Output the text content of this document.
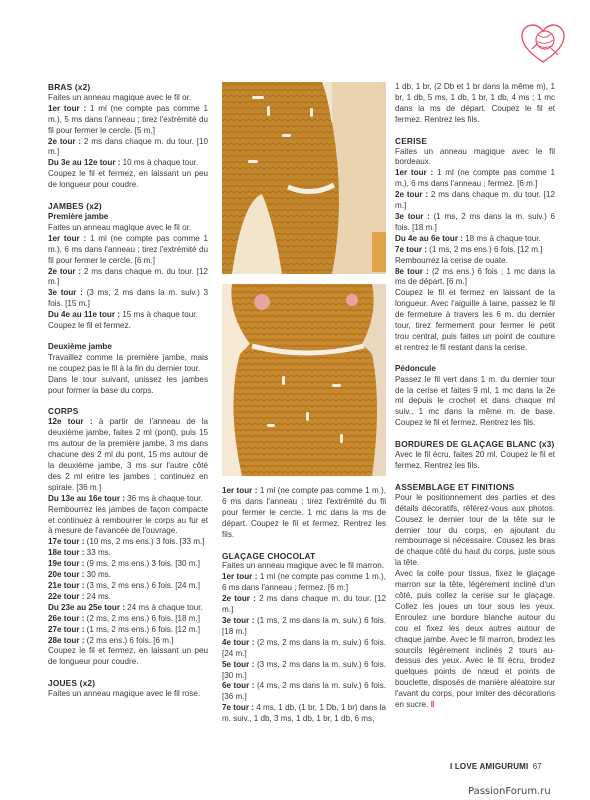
BRAS (x2)

Faites un anneau magique avec le fil or.

1er tour : 1 ml (ne compte pas comme 1 m.), 5 ms dans l'anneau ; tirez l'extrémité du fil pour fermer le cercle. [5 m.]

2e tour : 2 ms dans chaque m. du tour. [10 m.]

Du 3e au 12e tour : 10 ms à chaque tour.

Coupez le fil et fermez, en laissant un peu de longueur pour coudre.

JAMBES (x2)
Première jambe

Faites un anneau magique avec le fil or.

1er tour : 1 ml (ne compte pas comme 1 m.), 6 ms dans l'anneau ; tirez l'extrémité du fil pour fermer le cercle. [6 m.]

2e tour : 2 ms dans chaque m. du tour. [12 m.]

3e tour : (3 ms, 2 ms dans la m. suiv.) 3 fois. [15 m.]

Du 4e au 11e tour : 15 ms à chaque tour.

Coupez le fil et fermez.

Deuxième jambe

Travaillez comme la première jambe, mais ne coupez pas le fil à la fin du dernier tour.

Dans le tour suivant, unissez les jambes pour former la base du corps.

CORPS

12e tour : à partir de l'anneau de la deuxième jambe, faites 2 ml (pont), puis 15 ms autour de la première jambe, 3 ms dans chacune des 2 ml du pont, 15 ms autour de la deuxième jambe, 3 ms sur l'autre côté des 2 ml entre les jambes ; continuez en spirale. [36 m.]

Du 13e au 16e tour : 36 ms à chaque tour.

Rembourrez les jambes de façon compacte et continuez à rembourrer le corps au fur et à mesure de l'avancée de l'ouvrage.

17e tour : (10 ms, 2 ms ens.) 3 fois. [33 m.]

18e tour : 33 ms.

19e tour : (9 ms, 2 ms ens.) 3 fois. [30 m.]

20e tour : 30 ms.

21e tour : (3 ms, 2 ms ens.) 6 fois. [24 m.]

22e tour : 24 ms.

Du 23e au 25e tour : 24 ms à chaque tour.

26e tour : (2 ms, 2 ms ens.) 6 fois. [18 m.]

27e tour : (1 ms, 2 ms ens.) 6 fois. [12 m.]

28e tour : (2 ms ens.) 6 fois. [6 m.]

Coupez le fil et fermez, en laissant un peu de longueur pour coudre.

JOUES (x2)

Faites un anneau magique avec le fil rose.

1er tour : 1 ml (ne compte pas comme 1 m.), 6 ms dans l'anneau ; tirez l'extrémité du fil pour fermer le cercle. 1 mc dans la ms de départ. Coupez le fil et fermez. Rentrez les fils.

GLAÇAGE CHOCOLAT

Faites un anneau magique avec le fil marron.

1er tour : 1 ml (ne compte pas comme 1 m.), 6 ms dans l'anneau ; fermez. [6 m.]

2e tour : 2 ms dans chaque m. du tour. [12 m.]

3e tour : (1 ms, 2 ms dans la m. suiv.) 6 fois. [18 m.]

4e tour : (2 ms, 2 ms dans la m. suiv.) 6 fois. [24 m.]

5e tour : (3 ms, 2 ms dans la m. suiv.) 6 fois. [30 m.]

6e tour : (4 ms, 2 ms dans la m. suiv.) 6 fois. [36 m.]

7e tour : 4 ms, 1 db, (1 br, 1 Db, 1 br) dans la m. suiv., 1 db, 3 ms, 1 db, 1 br, 1 db, 6 ms,

1 db, 1 br, (2 Db et 1 br dans la même m), 1 br, 1 db, 5 ms, 1 db, 1 br, 1 db, 4 ms ; 1 mc dans la ms de départ. Coupez le fil et fermez. Rentrez les fils.

CERISE

Faites un anneau magique avec le fil bordeaux.

1er tour : 1 ml (ne compte pas comme 1 m.), 6 ms dans l'anneau ; fermez. [6 m.]

2e tour : 2 ms dans chaque m. du tour. [12 m.]

3e tour : (1 ms, 2 ms dans la m. suiv.) 6 fois. [18 m.]

Du 4e au 6e tour : 18 ms à chaque tour.

7e tour : (1 ms, 2 ms ens.) 6 fois. [12 m.]

Rembourrez la cerise de ouate.

8e tour : (2 ms ens.) 6 fois ; 1 mc dans la ms de départ. [6 m.]

Coupez le fil et fermez en laissant de la longueur. Avec l'aiguille à laine, passez le fil de fermeture à travers les 6 m. du dernier tour, tirez fermement pour fermer le petit trou central, puis faites un point de couture et rentrez le fil restant dans la cerise.

Pédoncule

Passez le fil vert dans 1 m. du dernier tour de la cerise et faites 9 ml, 1 mc dans la 2e ml depuis le crochet et dans chaque ml suiv., 1 mc dans la même m. de base. Coupez le fil et fermez. Rentrez les fils.

BORDURES DE GLAÇAGE BLANC (x3)

Avec le fil écru, faites 20 ml. Coupez le fil et fermez. Rentrez les fils.

ASSEMBLAGE ET FINITIONS

Pour le positionnement des parties et des détails décoratifs, référez-vous aux photos. Cousez le dernier tour de la tête sur le dernier tour du corps, en ajoutant du rembourrage si nécessaire. Cousez les bras de chaque côté du haut du corps, juste sous la tête.

Avec la colle pour tissus, fixez le glaçage marron sur la tête, légèrement incliné d'un côté, puis collez la cerise sur le glaçage. Collez les joues un tour sous les yeux. Enroulez une bordure blanche autour du cou et fixez les deux autres autour de chaque jambe. Avec le fil marron, brodez les sourcils légèrement inclinés 2 tours au-dessus des yeux. Avec le fil écru, brodez quelques points de nœud et points de bouclette, disposés de manière aléatoire sur l'avant du corps, pour imiter des décorations en sucre. Ⅱ

I LOVE AMIGURUMI 67
PassionForum.ru
